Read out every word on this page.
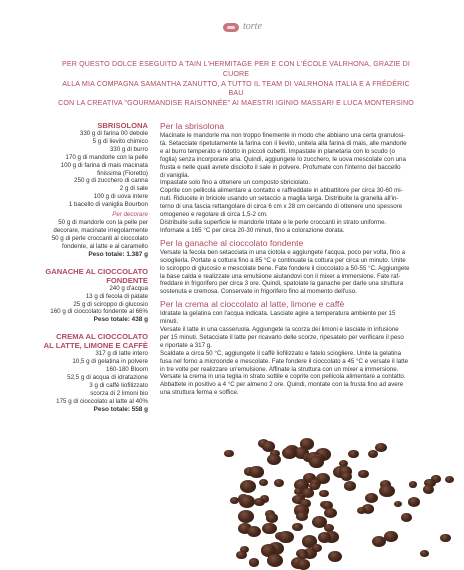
torte
PER QUESTO DOLCE ESEGUITO A TAIN L'HERMITAGE PER E CON L'ÉCOLE VALRHONA, GRAZIE DI CUORE
ALLA MIA COMPAGNA SAMANTHA ZANUTTO, A TUTTO IL TEAM DI VALRHONA ITALIA E A FRÉDÉRIC BAU
CON LA CREATIVA "GOURMANDISE RAISONNÉE" AI MAESTRI IGINIO MASSARI E LUCA MONTERSINO
SBRISOLONA
330 g di farina 00 debole
5 g di lievito chimico
330 g di burro
170 g di mandorle con la pelle
100 g di farina di mais macinata
finissima (Fioretto)
250 g di zucchero di canna
2 g di sale
100 g di uova intere
1 bacello di vaniglia Bourbon
Per decorare
50 g di mandorle con la pelle per
decorare, macinate irregolarmente
50 g di perle croccanti al cioccolato
fondente, al latte e al caramello
Peso totale: 1.387 g
GANACHE AL CIOCCOLATO
FONDENTE
240 g d'acqua
13 g di fecola di patate
25 g di sciroppo di glucosio
160 g di cioccolato fondente al 66%
Peso totale: 438 g
CREMA AL CIOCCOLATO
AL LATTE, LIMONE E CAFFÈ
317 g di latte intero
10,5 g di gelatina in polvere
160-180 Bloom
52,5 g di acqua di idratazione
3 g di caffè liofilizzato
scorza di 2 limoni bio
175 g di cioccolato al latte al 40%
Peso totale: 558 g
Per la sbrisolona
Macinate le mandorle ma non troppo finemente in modo che abbiano una certa granulosi-
tà. Setacciate ripetutamente la farina con il lievito, unitela alla farina di mais, alle mandorle
e al burro temperato e ridotto in piccoli cubetti. Impastate in planetaria con lo scudo (o
foglia) senza incorporare aria. Quindi, aggiungete lo zucchero, le uova mescolate con una
frusta e nelle quali avrete disciolto il sale in polvere. Profumate con l'interno del baccello
di vaniglia.
Impastate solo fino a ottenere un composto sbriciolato.
Coprite con pellicola alimentare a contatto e raffreddate in abbattitore per circa 30-60 mi-
nuti. Riducete in briciole usando un setaccio a maglia larga. Distribuite la granella all'in-
terno di una fascia rettangolare di circa 6 cm x 28 cm cercando di ottenere uno spessore
omogeneo e regolare di circa 1,5-2 cm.
Distribuite sulla superficie le mandorle tritate e le perle croccanti in strato uniforme.
Infornate a 165 °C per circa 20-30 minuti, fino a colorazione dorata.
Per la ganache al cioccolato fondente
Versate la fecola ben setacciata in una ciotola e aggiungete l'acqua, poco per volta, fino a
scioglierla. Portate a cottura fino a 85 °C e continuate la cottura per circa un minuto. Unite
lo sciroppo di glucosio e mescolate bene. Fate fondere il cioccolato a 50-55 °C. Aggiungete
la base calda e realizzate una emulsione aiutandovi con il mixer a immersione. Fate raf-
freddare in frigorifero per circa 3 ore. Quindi, spatolate la ganache per darle una struttura
sostenuta e cremosa. Conservate in frigorifero fino al momento dell'uso.
Per la crema al cioccolato al latte, limone e caffè
Idratate la gelatina con l'acqua indicata. Lasciate agire a temperatura ambiente per 15
minuti.
Versate il latte in una casseruola. Aggiungete la scorza dei limoni e lasciate in infusione
per 15 minuti. Setacciate il latte per ricavarlo delle scorze, ripesatelo per verificare il peso
e riportate a 317 g.
Scaldate a circa 50 °C, aggiungete il caffè liofilizzato e fatelo sciogliere. Unite la gelatina
fusa nel forno a microonde e mescolate. Fate fondere il cioccolato a 45 °C e versate il latte
in tre volte per realizzare un'emulsione. Affinate la struttura con un mixer a immersione.
Versate la crema in una teglia in strato sottile e coprite con pellicola alimentare a contatto.
Abbattete in positivo a 4 °C per almeno 2 ore. Quindi, montate con la frusta fino ad avere
una struttura ferma e soffice.
